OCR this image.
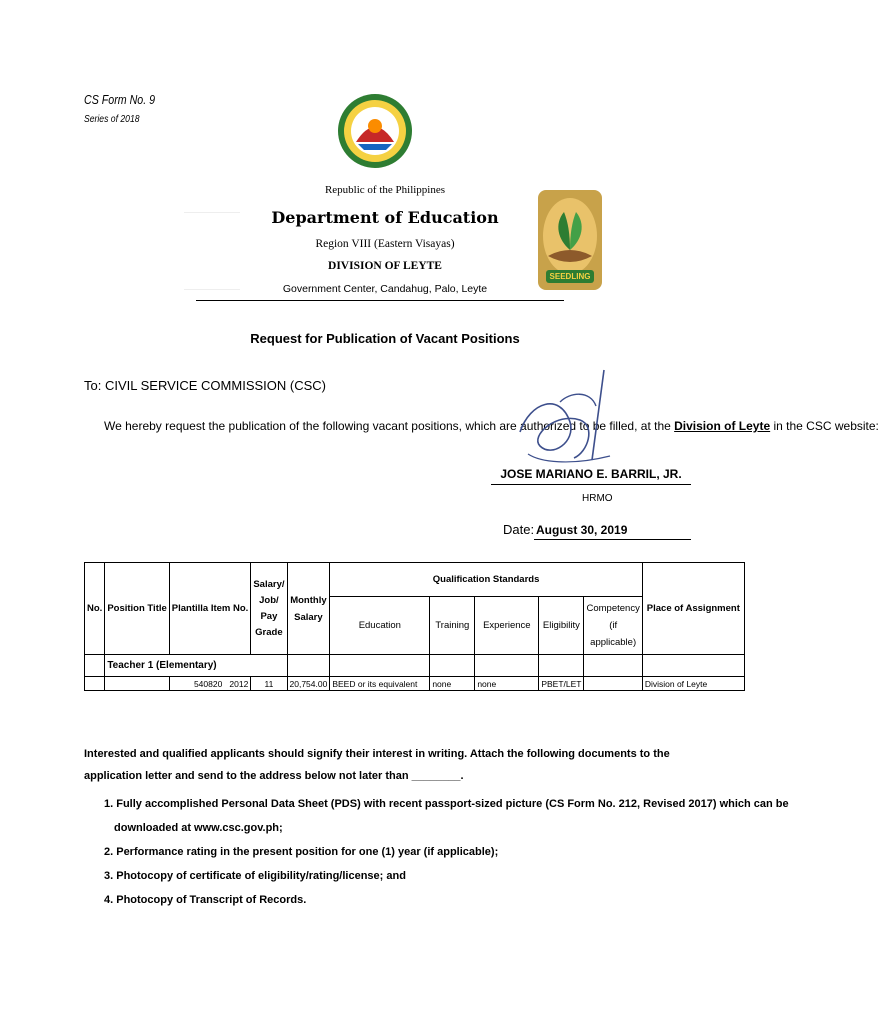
CS Form No. 9
Series of 2018
SEEDLING
Republic of the Philippines
Department of Education
Region VIII (Eastern Visayas)
DIVISION OF LEYTE
Government Center, Candahug, Palo, Leyte
Request for Publication of Vacant Positions
To: CIVIL SERVICE COMMISSION (CSC)
We hereby request the publication of the following vacant positions, which are authorized to be filled, at the Division of Leyte in the CSC website:
JOSE MARIANO E. BARRIL, JR.
HRMO
Date: August 30, 2019
No.	Position Title	Plantilla Item No.	Salary/ Job/ Pay Grade	Monthly Salary	Qualification Standards					Place of Assignment
					Education	Training	Experience	Eligibility	Competency (if applicable)	
	Teacher 1 (Elementary)									
		540820 2012	11	20,754.00	BEED or its equivalent	none	none	PBET/LET		Division of Leyte
Interested and qualified applicants should signify their interest in writing. Attach the following documents to the application letter and send to the address below not later than ________.
1. Fully accomplished Personal Data Sheet (PDS) with recent passport-sized picture (CS Form No. 212, Revised 2017) which can be
downloaded at www.csc.gov.ph;
2. Performance rating in the present position for one (1) year (if applicable);
3. Photocopy of certificate of eligibility/rating/license; and
4. Photocopy of Transcript of Records.
